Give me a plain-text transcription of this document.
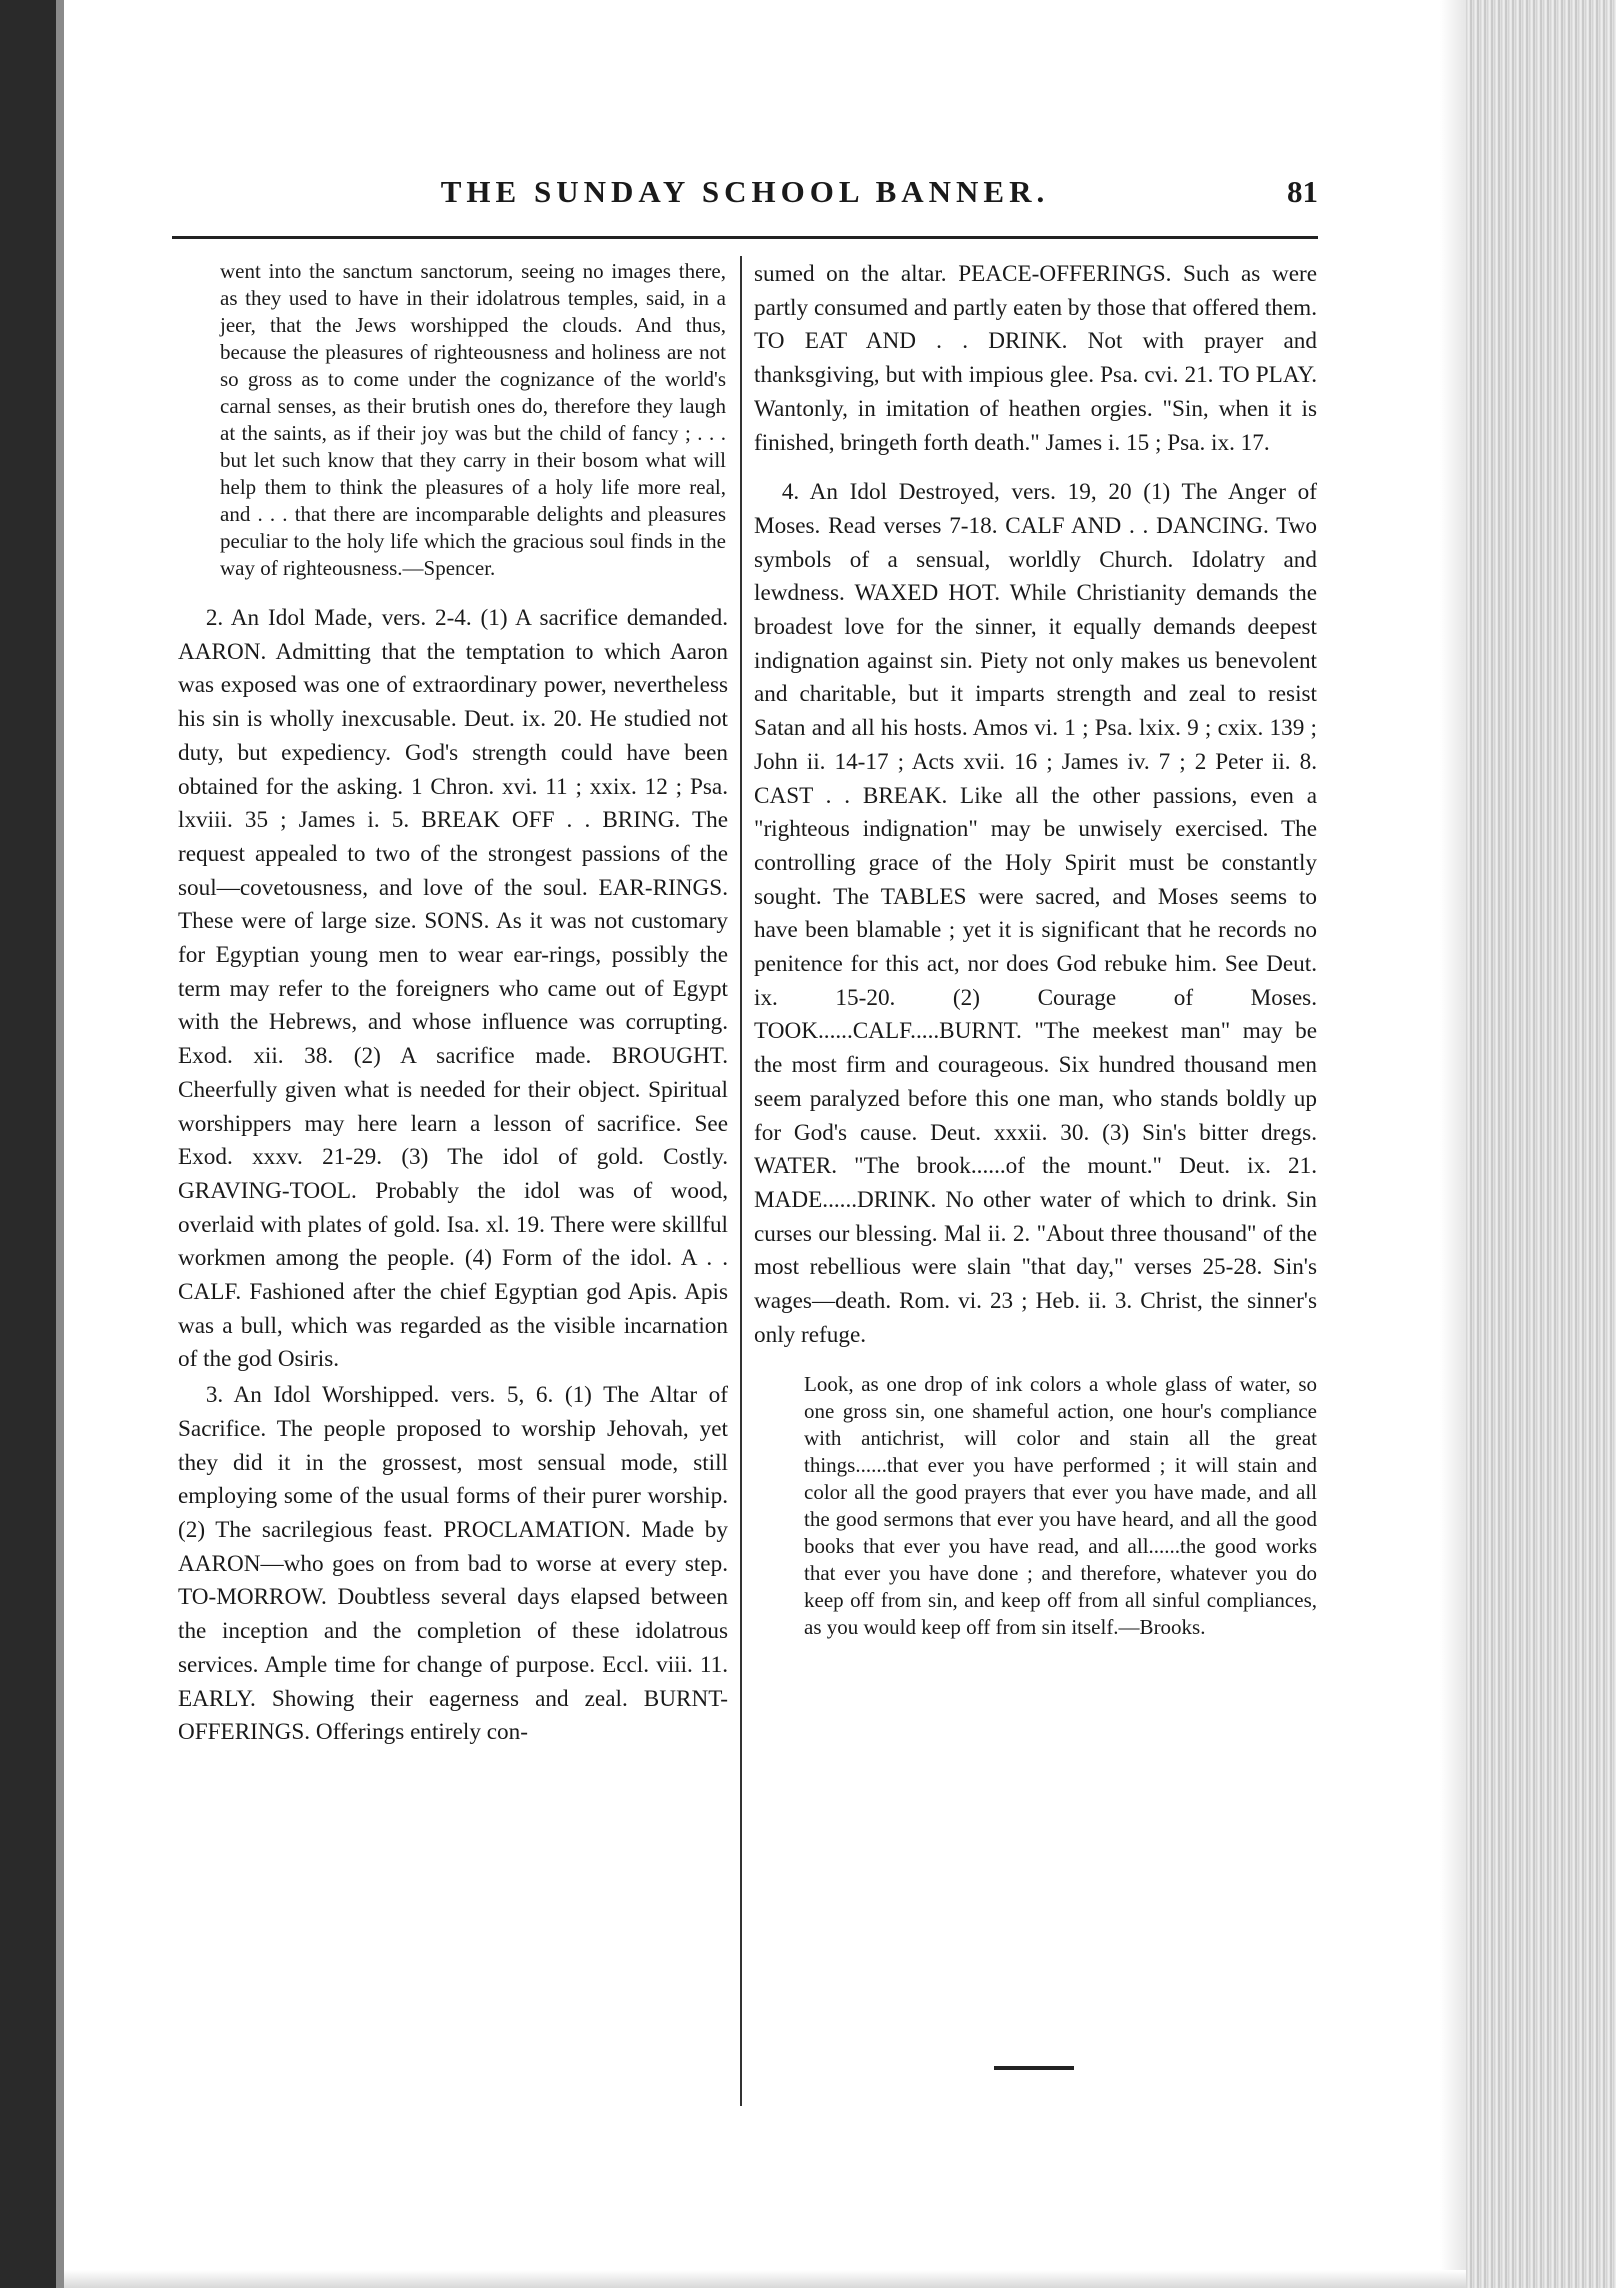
THE SUNDAY SCHOOL BANNER.	81

went into the sanctum sanctorum, seeing no images there, as they used to have in their idolatrous temples, said, in a jeer, that the Jews worshipped the clouds. And thus, because the pleasures of righteousness and holiness are not so gross as to come under the cognizance of the world's carnal senses, as their brutish ones do, therefore they laugh at the saints, as if their joy was but the child of fancy ; . . . but let such know that they carry in their bosom what will help them to think the pleasures of a holy life more real, and . . . that there are incomparable delights and pleasures peculiar to the holy life which the gracious soul finds in the way of righteousness.—Spencer.

2. An Idol Made, vers. 2-4. (1) A sacrifice demanded. AARON. Admitting that the temptation to which Aaron was exposed was one of extraordinary power, nevertheless his sin is wholly inexcusable. Deut. ix. 20. He studied not duty, but expediency. God's strength could have been obtained for the asking. 1 Chron. xvi. 11 ; xxix. 12 ; Psa. lxviii. 35 ; James i. 5. BREAK OFF . . BRING. The request appealed to two of the strongest passions of the soul—covetousness, and love of the soul. EAR-RINGS. These were of large size. SONS. As it was not customary for Egyptian young men to wear ear-rings, possibly the term may refer to the foreigners who came out of Egypt with the Hebrews, and whose influence was corrupting. Exod. xii. 38. (2) A sacrifice made. BROUGHT. Cheerfully given what is needed for their object. Spiritual worshippers may here learn a lesson of sacrifice. See Exod. xxxv. 21-29. (3) The idol of gold. Costly. GRAVING-TOOL. Probably the idol was of wood, overlaid with plates of gold. Isa. xl. 19. There were skillful workmen among the people. (4) Form of the idol. A . . CALF. Fashioned after the chief Egyptian god Apis. Apis was a bull, which was regarded as the visible incarnation of the god Osiris.

3. An Idol Worshipped. vers. 5, 6. (1) The Altar of Sacrifice. The people proposed to worship Jehovah, yet they did it in the grossest, most sensual mode, still employing some of the usual forms of their purer worship. (2) The sacrilegious feast. PROCLAMATION. Made by AARON—who goes on from bad to worse at every step. TO-MORROW. Doubtless several days elapsed between the inception and the completion of these idolatrous services. Ample time for change of purpose. Eccl. viii. 11. EARLY. Showing their eagerness and zeal. BURNT-OFFERINGS. Offerings entirely con-

sumed on the altar. PEACE-OFFERINGS. Such as were partly consumed and partly eaten by those that offered them. TO EAT AND . . DRINK. Not with prayer and thanksgiving, but with impious glee. Psa. cvi. 21. TO PLAY. Wantonly, in imitation of heathen orgies. "Sin, when it is finished, bringeth forth death." James i. 15 ; Psa. ix. 17.

4. An Idol Destroyed, vers. 19, 20 (1) The Anger of Moses. Read verses 7-18. CALF AND . . DANCING. Two symbols of a sensual, worldly Church. Idolatry and lewdness. WAXED HOT. While Christianity demands the broadest love for the sinner, it equally demands deepest indignation against sin. Piety not only makes us benevolent and charitable, but it imparts strength and zeal to resist Satan and all his hosts. Amos vi. 1 ; Psa. lxix. 9 ; cxix. 139 ; John ii. 14-17 ; Acts xvii. 16 ; James iv. 7 ; 2 Peter ii. 8. CAST . . BREAK. Like all the other passions, even a "righteous indignation" may be unwisely exercised. The controlling grace of the Holy Spirit must be constantly sought. The TABLES were sacred, and Moses seems to have been blamable ; yet it is significant that he records no penitence for this act, nor does God rebuke him. See Deut. ix. 15-20. (2) Courage of Moses. TOOK......CALF.....BURNT. "The meekest man" may be the most firm and courageous. Six hundred thousand men seem paralyzed before this one man, who stands boldly up for God's cause. Deut. xxxii. 30. (3) Sin's bitter dregs. WATER. "The brook......of the mount." Deut. ix. 21. MADE......DRINK. No other water of which to drink. Sin curses our blessing. Mal ii. 2. "About three thousand" of the most rebellious were slain "that day," verses 25-28. Sin's wages—death. Rom. vi. 23 ; Heb. ii. 3. Christ, the sinner's only refuge.

Look, as one drop of ink colors a whole glass of water, so one gross sin, one shameful action, one hour's compliance with antichrist, will color and stain all the great things......that ever you have performed ; it will stain and color all the good prayers that ever you have made, and all the good sermons that ever you have heard, and all the good books that ever you have read, and all......the good works that ever you have done ; and therefore, whatever you do keep off from sin, and keep off from all sinful compliances, as you would keep off from sin itself.—Brooks.
